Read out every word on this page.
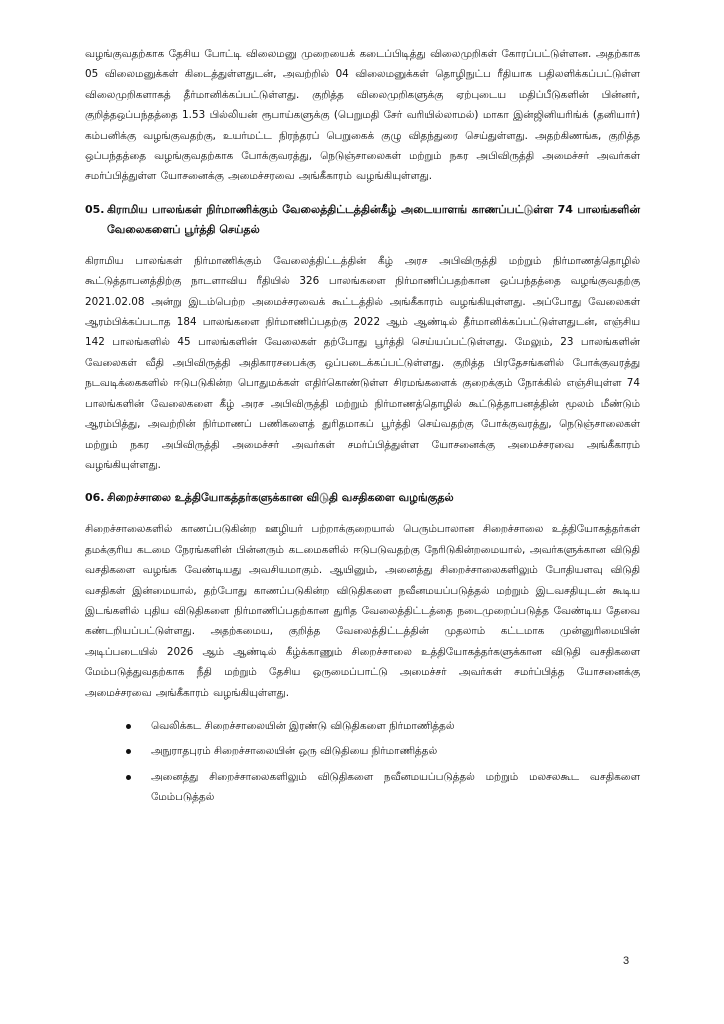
வழங்குவதற்காக தேசிய போட்டி விலைமனு முறையைக் கடைப்பிடித்து விலைமுறிகள் கோரப்பட்டுள்ளன. அதற்காக 05 விலைமனுக்கள் கிடைத்துள்ளதுடன், அவற்றில் 04 விலைமனுக்கள் தொழிநுட்ப ரீதியாக பதிலளிக்கப்பட்டுள்ள விலைமுறிகளாகத் தீர்மானிக்கப்பட்டுள்ளது. குறித்த விலைமுறிகளுக்கு ஏற்புடைய மதிப்பீடுகளின் பின்னர், குறித்தஒப்பந்தத்தை 1.53 பில்லியன் ரூபாய்களுக்கு (பெறுமதி சேர் வரியில்லாமல்) மாகா இன்ஜினியரிங்க் (தனியார்) கம்பனிக்கு வழங்குவதற்கு, உயர்மட்ட நிரந்தரப் பெறுகைக் குழு விதந்துரை செய்துள்ளது. அதற்கிணங்க, குறித்த ஒப்பந்தத்தை வழங்குவதற்காக போக்குவரத்து, நெடுஞ்சாலைகள் மற்றும் நகர அபிவிருத்தி அமைச்சர் அவர்கள் சமர்ப்பித்துள்ள யோசனைக்கு அமைச்சரவை அங்கீகாரம் வழங்கியுள்ளது.

05. கிராமிய பாலங்கள் நிர்மாணிக்கும் வேலைத்திட்டத்தின்கீழ் அடையாளங் காணப்பட்டுள்ள 74 பாலங்களின் வேலைகளைப் பூர்த்தி செய்தல்

கிராமிய பாலங்கள் நிர்மாணிக்கும் வேலைத்திட்டத்தின் கீழ் அரச அபிவிருத்தி மற்றும் நிர்மாணத்தொழில் கூட்டுத்தாபனத்திற்கு நாடளாவிய ரீதியில் 326 பாலங்களை நிர்மாணிப்பதற்கான ஒப்பந்தத்தை வழங்குவதற்கு 2021.02.08 அன்று இடம்பெற்ற அமைச்சரவைக் கூட்டத்தில் அங்கீகாரம் வழங்கியுள்ளது. அப்போது வேலைகள் ஆரம்பிக்கப்படாத 184 பாலங்களை நிர்மாணிப்பதற்கு 2022 ஆம் ஆண்டில் தீர்மானிக்கப்பட்டுள்ளதுடன், எஞ்சிய 142 பாலங்களில் 45 பாலங்களின் வேலைகள் தற்போது பூர்த்தி செய்யப்பட்டுள்ளது. மேலும், 23 பாலங்களின் வேலைகள் வீதி அபிவிருத்தி அதிகாரசபைக்கு ஒப்படைக்கப்பட்டுள்ளது. குறித்த பிரதேசங்களில் போக்குவரத்து நடவடிக்கைகளில் ஈடுபடுகின்ற பொதுமக்கள் எதிர்கொண்டுள்ள சிரமங்களைக் குறைக்கும் நோக்கில் எஞ்சியுள்ள 74 பாலங்களின் வேலைகளை கீழ் அரச அபிவிருத்தி மற்றும் நிர்மாணத்தொழில் கூட்டுத்தாபனத்தின் மூலம் மீண்டும் ஆரம்பித்து, அவற்றின் நிர்மாணப் பணிகளைத் துரிதமாகப் பூர்த்தி செய்வதற்கு போக்குவரத்து, நெடுஞ்சாலைகள் மற்றும் நகர அபிவிருத்தி அமைச்சர் அவர்கள் சமர்ப்பித்துள்ள யோசனைக்கு அமைச்சரவை அங்கீகாரம் வழங்கியுள்ளது.

06. சிறைச்சாலை உத்தியோகத்தர்களுக்கான விடுதி வசதிகளை வழங்குதல்

சிறைச்சாலைகளில் காணப்படுகின்ற ஊழியர் பற்றாக்குறையால் பெரும்பாலான சிறைச்சாலை உத்தியோகத்தர்கள் தமக்குரிய கடமை நேரங்களின் பின்னரும் கடமைகளில் ஈடுபடுவதற்கு நேரிடுகின்றமையால், அவர்களுக்கான விடுதி வசதிகளை வழங்க வேண்டியது அவசியமாகும். ஆயினும், அனைத்து சிறைச்சாலைகளிலும் போதியளவு விடுதி வசதிகள் இன்மையால், தற்போது காணப்படுகின்ற விடுதிகளை நவீனமயப்படுத்தல் மற்றும் இடவசதியுடன் கூடிய இடங்களில் புதிய விடுதிகளை நிர்மாணிப்பதற்கான துரித வேலைத்திட்டத்தை நடைமுறைப்படுத்த வேண்டிய தேவை கண்டறியப்பட்டுள்ளது. அதற்கமைய, குறித்த வேலைத்திட்டத்தின் முதலாம் கட்டமாக முன்னுரிமையின் அடிப்படையில் 2026 ஆம் ஆண்டில் கீழ்க்காணும் சிறைச்சாலை உத்தியோகத்தர்களுக்கான விடுதி வசதிகளை மேம்படுத்துவதற்காக நீதி மற்றும் தேசிய ஒருமைப்பாட்டு அமைச்சர் அவர்கள் சமர்ப்பித்த யோசனைக்கு அமைச்சரவை அங்கீகாரம் வழங்கியுள்ளது.

வெலிக்கட சிறைச்சாலையின் இரண்டு விடுதிகளை நிர்மாணித்தல்
அநுராதபுரம் சிறைச்சாலையின் ஒரு விடுதியை நிர்மாணித்தல்
அனைத்து சிறைச்சாலைகளிலும் விடுதிகளை நவீனமயப்படுத்தல் மற்றும் மலசலகூட வசதிகளை மேம்படுத்தல்
3
